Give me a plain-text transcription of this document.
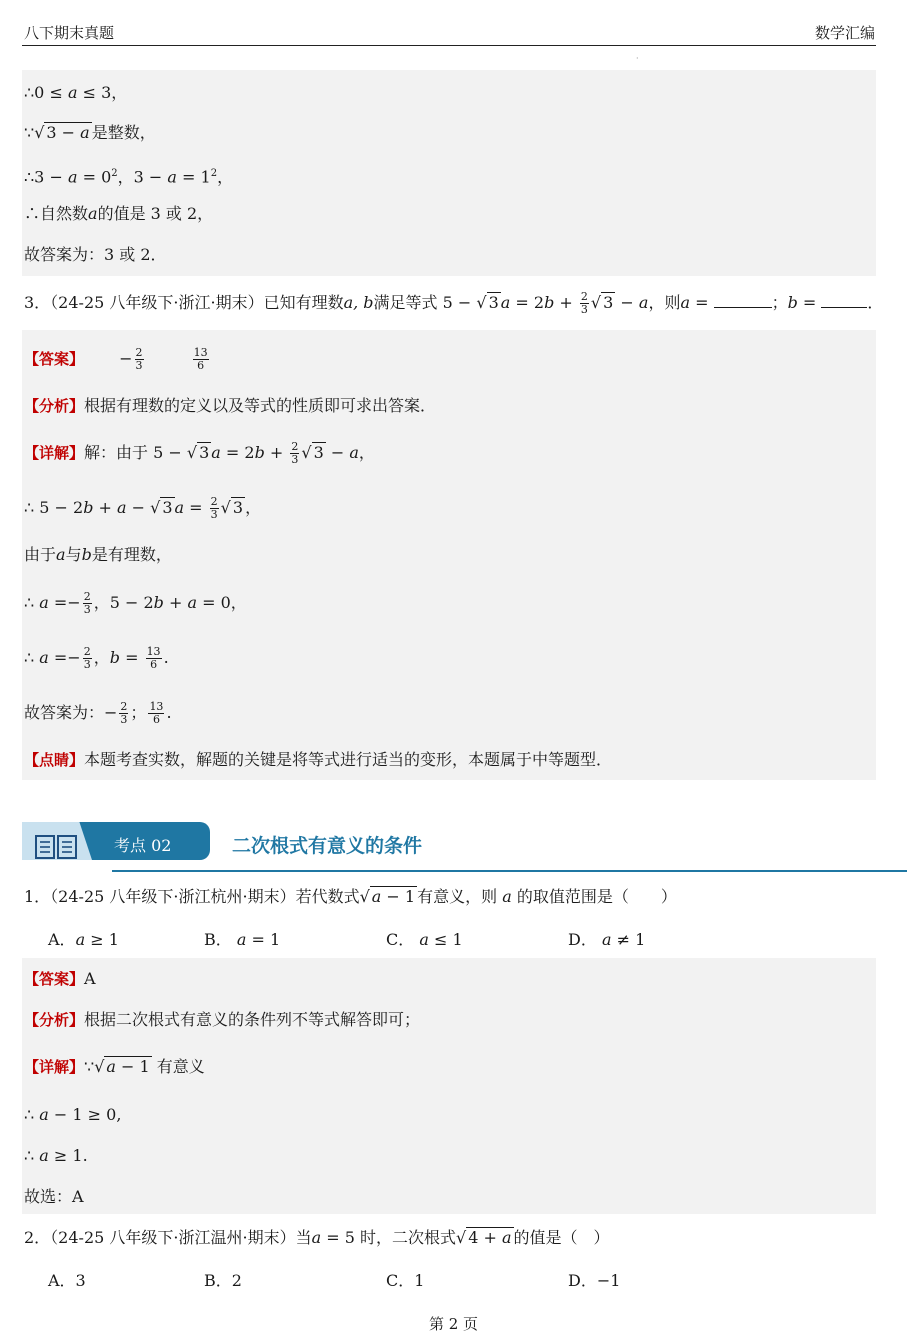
八下期末真题	数学汇编
·
∴0 ≤ a ≤ 3，
∵√ 3 − a 是整数，
∴3 − $a = 0^2$，$3 - a = 1^2$，
∴自然数a的值是 3 或 2，
故答案为：3 或 2．
3．（24-25 八年级下·浙江·期末）已知有理数a, b满足等式 5 − √ 3 $a = 2b + \frac{2}{3}$ √ 3 − a，则a =	；b =	．
【答案】 − $\frac{2}{3}$
	$\frac{13}{6}$
【分析】根据有理数的定义以及等式的性质即可求出答案．
【详解】解：由于 5 − √ 3 $a = 2b + \frac{2}{3}$ √ 3 − a，
∴ 5 − 2b + a − √ 3 $a = \frac{2}{3}$ √ 3 ，
由于a与b是有理数，
∴ $a =- \frac{2}{3}$ ，5 − 2b + a = 0，
∴ $a =- \frac{2}{3}$ ，$b = \frac{13}{6}$ .
故答案为：− $\frac{2}{3}$ ； $\frac{13}{6}$ .
【点睛】本题考查实数，解题的关键是将等式进行适当的变形，本题属于中等题型．
考点 02	二次根式有意义的条件
1．（24-25 八年级下·浙江杭州·期末）若代数式√ a − 1 有意义，则 a 的取值范围是（　　）
A．a ≥ 1	B． a = 1	C． a ≤ 1	D． a ≠ 1
【答案】A
【分析】根据二次根式有意义的条件列不等式解答即可；
【详解】∵√ a − 1 有意义
∴ a − 1 ≥ 0,
∴ a ≥ 1.
故选：A
2．（24-25 八年级下·浙江温州·期末）当a = 5 时，二次根式√ 4 + a 的值是（　）
A．3	B．2	C．1	D．−1
第 2 页
